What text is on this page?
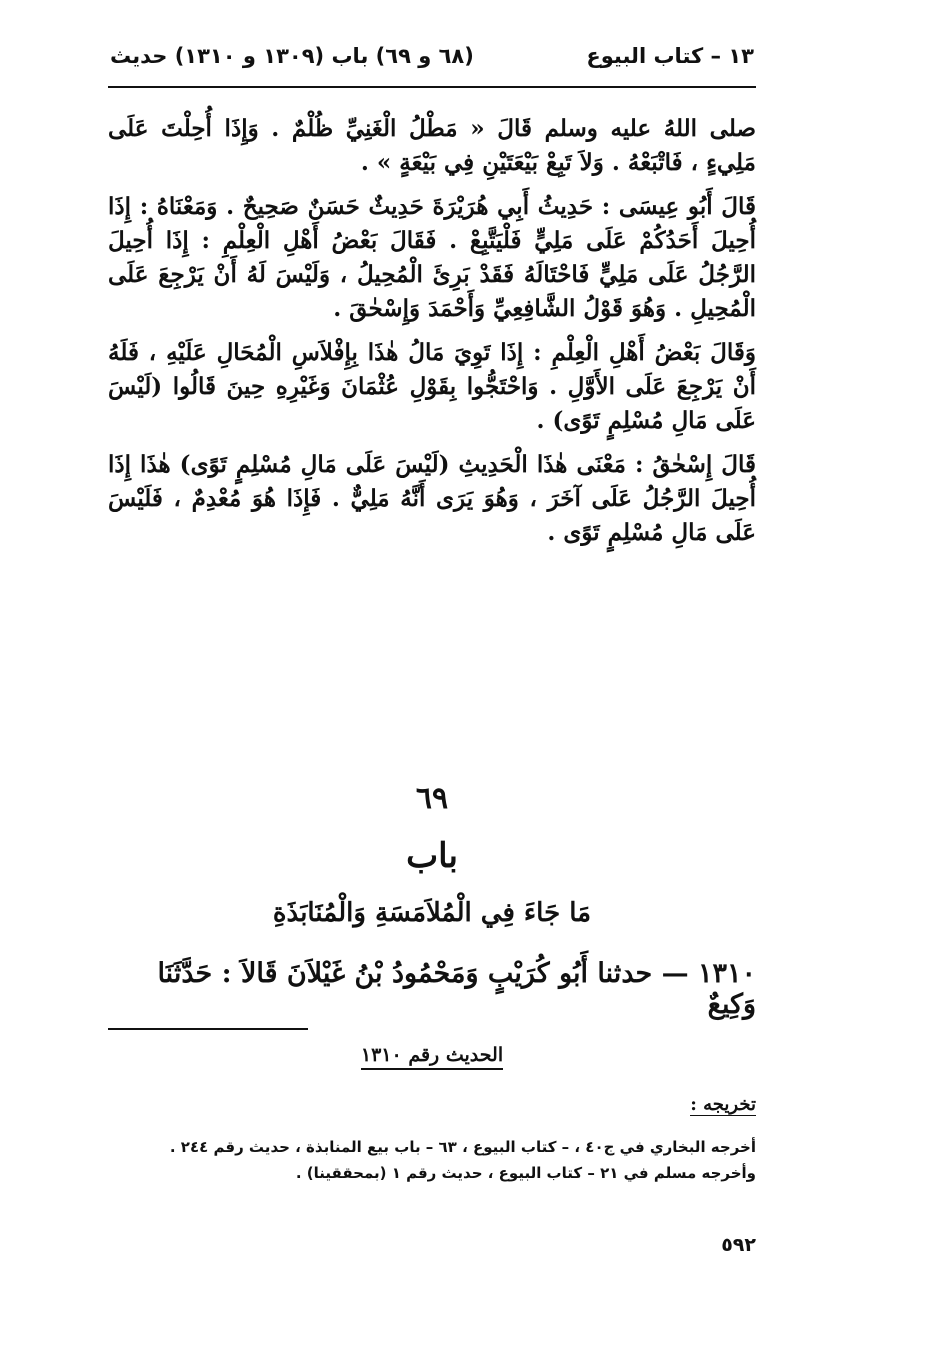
١٣ – كتاب البيوع
(٦٨ و ٦٩) باب (١٣٠٩ و ١٣١٠) حديث

صلى اللهُ عليه وسلم قَالَ « مَطْلُ الْغَنِيِّ ظُلْمٌ . وَإِذَا أُحِلْتَ عَلَى مَلِيءٍ ، فَاتْبَعْهُ . وَلاَ تَبِعْ بَيْعَتَيْنِ فِي بَيْعَةٍ » .

قَالَ أَبُو عِيسَى : حَدِيثُ أَبِي هُرَيْرَةَ حَدِيثٌ حَسَنٌ صَحِيحٌ . وَمَعْنَاهُ : إِذَا أُحِيلَ أَحَدُكُمْ عَلَى مَلِيٍّ فَلْيَتَّبِعْ . فَقَالَ بَعْضُ أَهْلِ الْعِلْمِ : إِذَا أُحِيلَ الرَّجُلُ عَلَى مَلِيٍّ فَاحْتَالَهُ فَقَدْ بَرِئَ الْمُحِيلُ ، وَلَيْسَ لَهُ أَنْ يَرْجِعَ عَلَى الْمُحِيلِ . وَهُوَ قَوْلُ الشَّافِعِيِّ وَأَحْمَدَ وَإِسْحٰقَ .

وَقَالَ بَعْضُ أَهْلِ الْعِلْمِ : إِذَا تَوِيَ مَالُ هٰذَا بِإِفْلاَسِ الْمُحَالِ عَلَيْهِ ، فَلَهُ أَنْ يَرْجِعَ عَلَى الأَوَّلِ . وَاحْتَجُّوا بِقَوْلِ عُثْمَانَ وَغَيْرِهِ حِينَ قَالُوا (لَيْسَ عَلَى مَالِ مُسْلِمٍ تَوًى) .

قَالَ إِسْحٰقُ : مَعْنَى هٰذَا الْحَدِيثِ (لَيْسَ عَلَى مَالِ مُسْلِمٍ تَوًى) هٰذَا إِذَا أُحِيلَ الرَّجُلُ عَلَى آخَرَ ، وَهُوَ يَرَى أَنَّهُ مَلِيٌّ . فَإِذَا هُوَ مُعْدِمٌ ، فَلَيْسَ عَلَى مَالِ مُسْلِمٍ تَوًى .

٦٩
باب
مَا جَاءَ فِي الْمُلاَمَسَةِ وَالْمُنَابَذَةِ
١٣١٠ — حدثنا أَبُو كُرَيْبٍ وَمَحْمُودُ بْنُ غَيْلاَنَ قَالاَ : حَدَّثَنَا وَكِيعٌ
الحديث رقم ١٣١٠
تخريجه :

أخرجه البخاري في ج٤٠ ، – كتاب البيوع ، ٦٣ – باب بيع المنابذة ، حديث رقم ٢٤٤ .

وأخرجه مسلم في ٢١ – كتاب البيوع ، حديث رقم ١ (بمحققينا) .

٥٩٢
